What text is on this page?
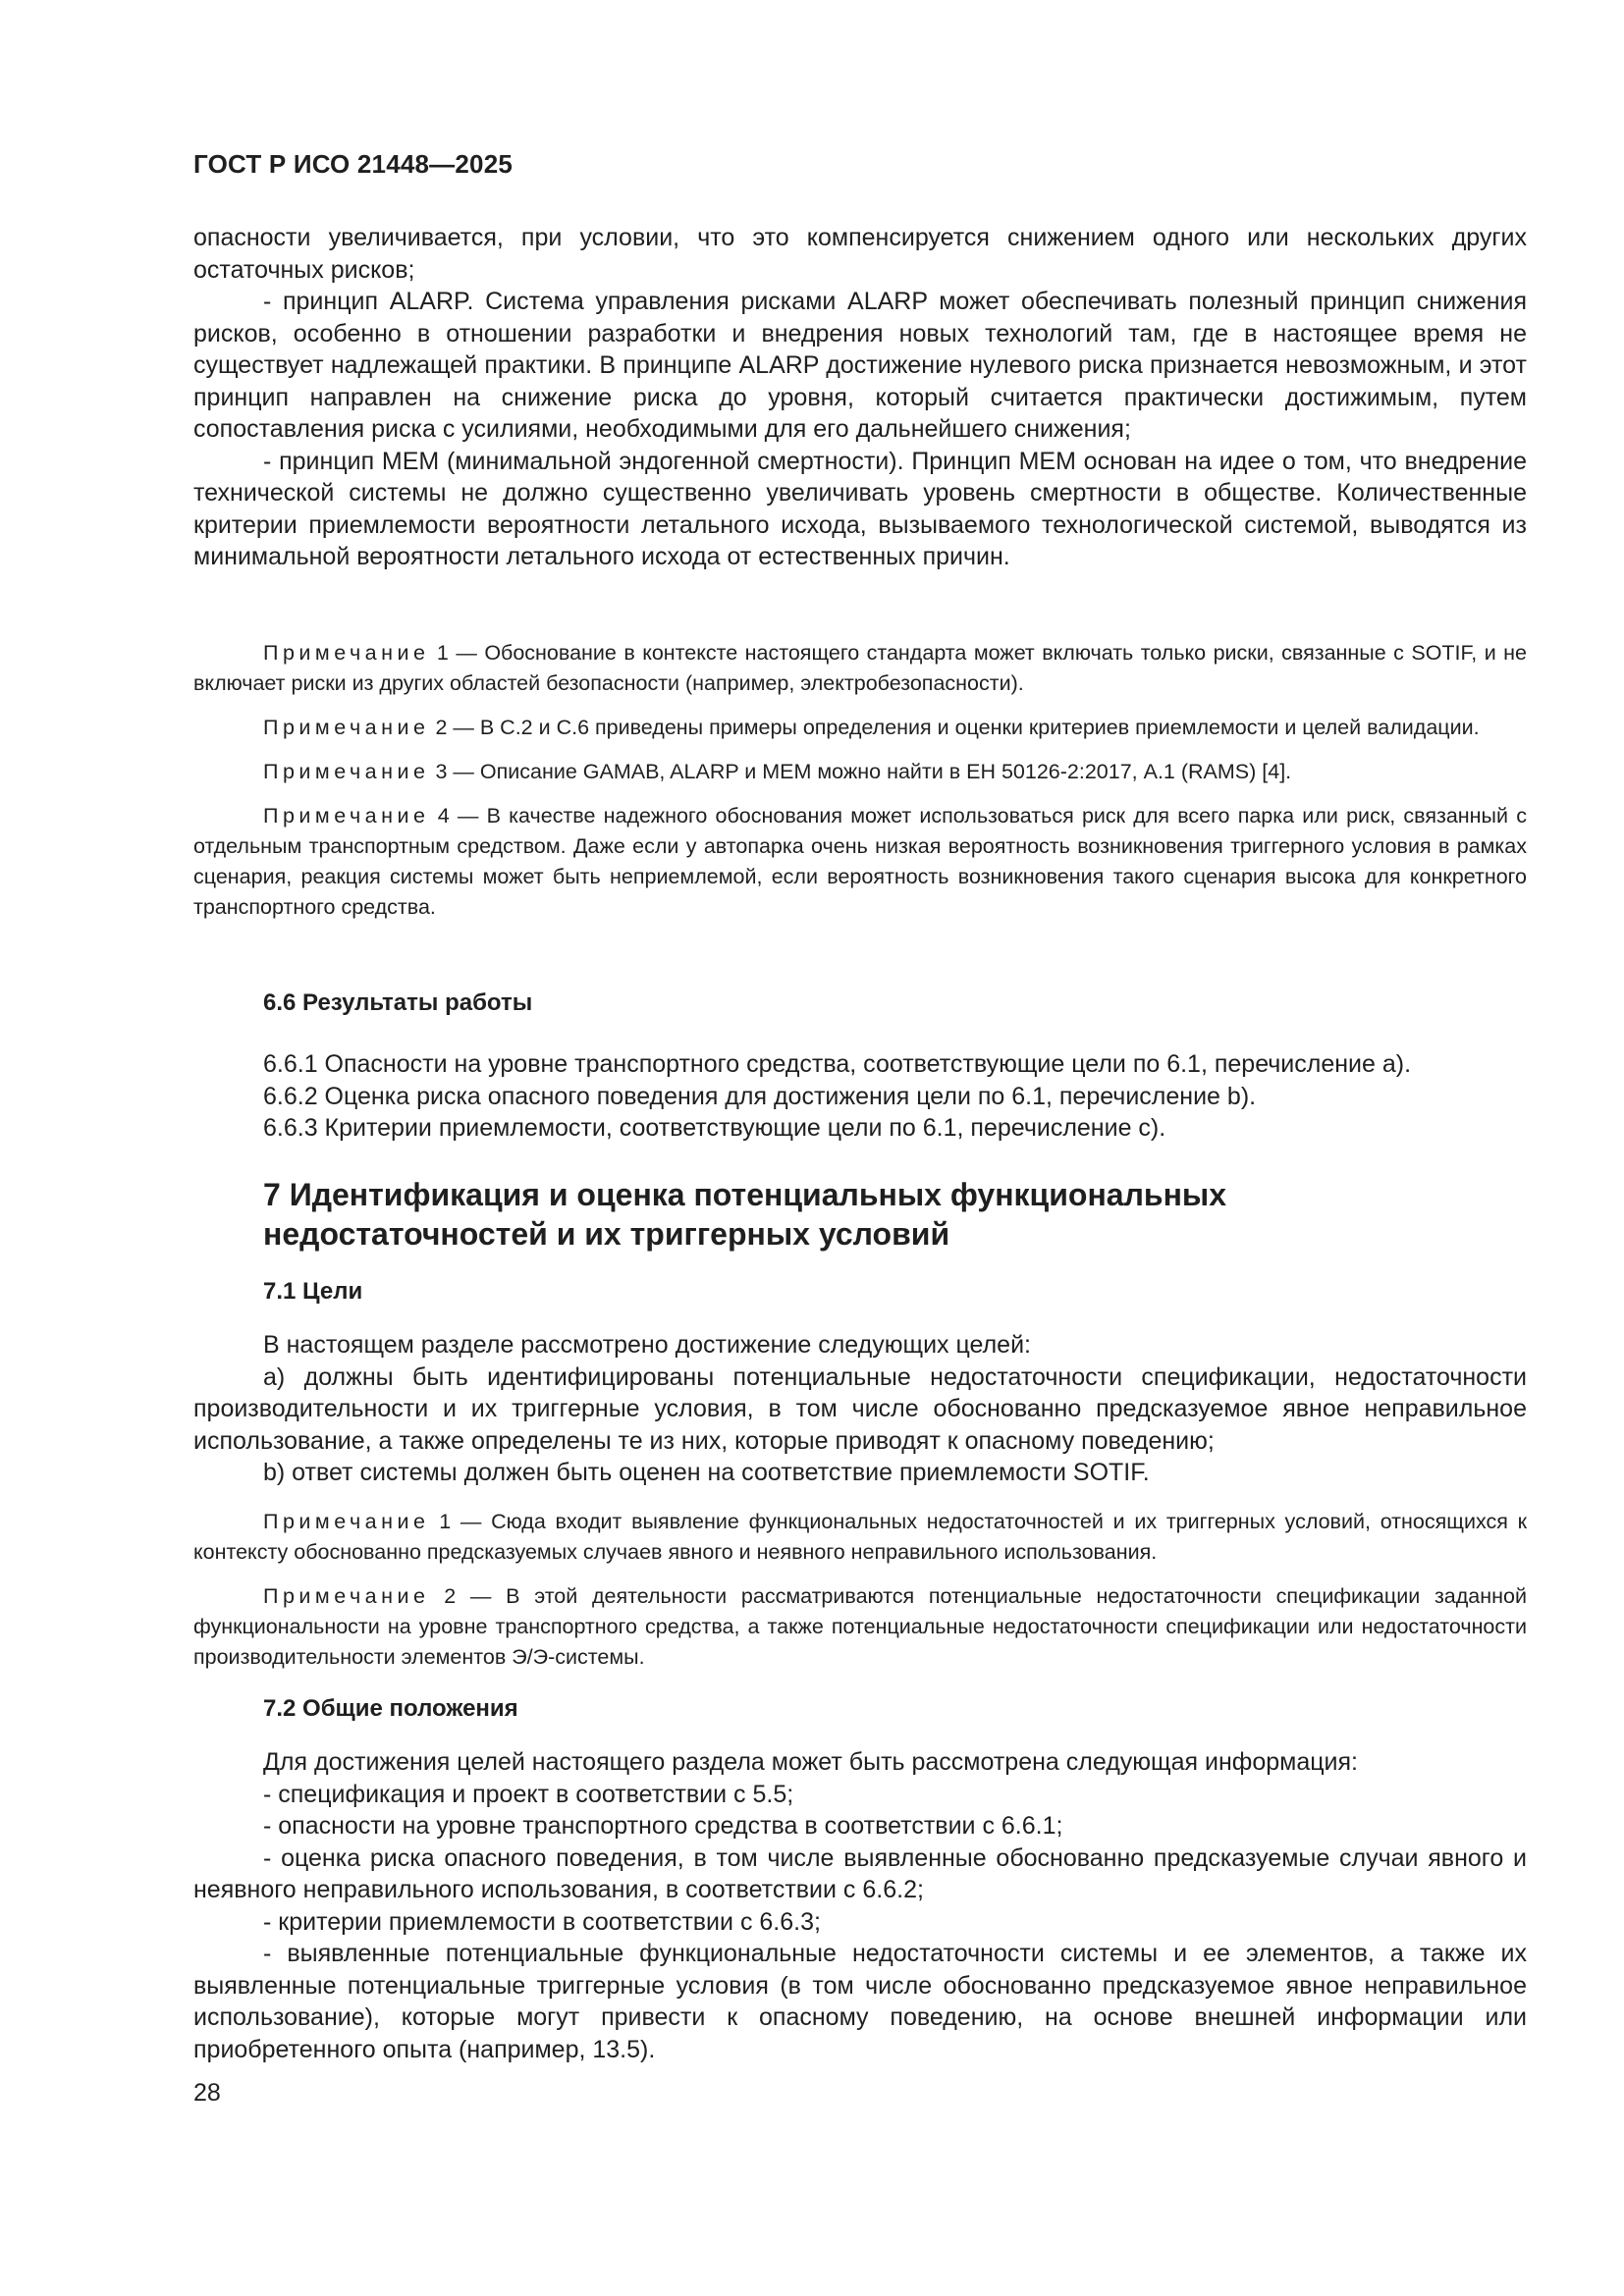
ГОСТ Р ИСО 21448—2025

опасности увеличивается, при условии, что это компенсируется снижением одного или нескольких других остаточных рисков;

- принцип ALARP. Система управления рисками ALARP может обеспечивать полезный принцип снижения рисков, особенно в отношении разработки и внедрения новых технологий там, где в настоящее время не существует надлежащей практики. В принципе ALARP достижение нулевого риска признается невозможным, и этот принцип направлен на снижение риска до уровня, который считается практически достижимым, путем сопоставления риска с усилиями, необходимыми для его дальнейшего снижения;

- принцип MEM (минимальной эндогенной смертности). Принцип MEM основан на идее о том, что внедрение технической системы не должно существенно увеличивать уровень смертности в обществе. Количественные критерии приемлемости вероятности летального исхода, вызываемого технологической системой, выводятся из минимальной вероятности летального исхода от естественных причин.

Примечание 1 — Обоснование в контексте настоящего стандарта может включать только риски, связанные с SOTIF, и не включает риски из других областей безопасности (например, электробезопасности).

Примечание 2 — В С.2 и С.6 приведены примеры определения и оценки критериев приемлемости и целей валидации.

Примечание 3 — Описание GAMAB, ALARP и MEM можно найти в ЕН 50126-2:2017, А.1 (RAMS) [4].

Примечание 4 — В качестве надежного обоснования может использоваться риск для всего парка или риск, связанный с отдельным транспортным средством. Даже если у автопарка очень низкая вероятность возникновения триггерного условия в рамках сценария, реакция системы может быть неприемлемой, если вероятность возникновения такого сценария высока для конкретного транспортного средства.

6.6 Результаты работы

6.6.1 Опасности на уровне транспортного средства, соответствующие цели по 6.1, перечисление а).

6.6.2 Оценка риска опасного поведения для достижения цели по 6.1, перечисление b).

6.6.3 Критерии приемлемости, соответствующие цели по 6.1, перечисление с).

7 Идентификация и оценка потенциальных функциональных
недостаточностей и их триггерных условий
7.1 Цели

В настоящем разделе рассмотрено достижение следующих целей:

а) должны быть идентифицированы потенциальные недостаточности спецификации, недостаточности производительности и их триггерные условия, в том числе обоснованно предсказуемое явное неправильное использование, а также определены те из них, которые приводят к опасному поведению;

b) ответ системы должен быть оценен на соответствие приемлемости SOTIF.

Примечание 1 — Сюда входит выявление функциональных недостаточностей и их триггерных условий, относящихся к контексту обоснованно предсказуемых случаев явного и неявного неправильного использования.

Примечание 2 — В этой деятельности рассматриваются потенциальные недостаточности спецификации заданной функциональности на уровне транспортного средства, а также потенциальные недостаточности спецификации или недостаточности производительности элементов Э/Э-системы.

7.2 Общие положения

Для достижения целей настоящего раздела может быть рассмотрена следующая информация:

- спецификация и проект в соответствии с 5.5;

- опасности на уровне транспортного средства в соответствии с 6.6.1;

- оценка риска опасного поведения, в том числе выявленные обоснованно предсказуемые случаи явного и неявного неправильного использования, в соответствии с 6.6.2;

- критерии приемлемости в соответствии с 6.6.3;

- выявленные потенциальные функциональные недостаточности системы и ее элементов, а также их выявленные потенциальные триггерные условия (в том числе обоснованно предсказуемое явное неправильное использование), которые могут привести к опасному поведению, на основе внешней информации или приобретенного опыта (например, 13.5).

28
